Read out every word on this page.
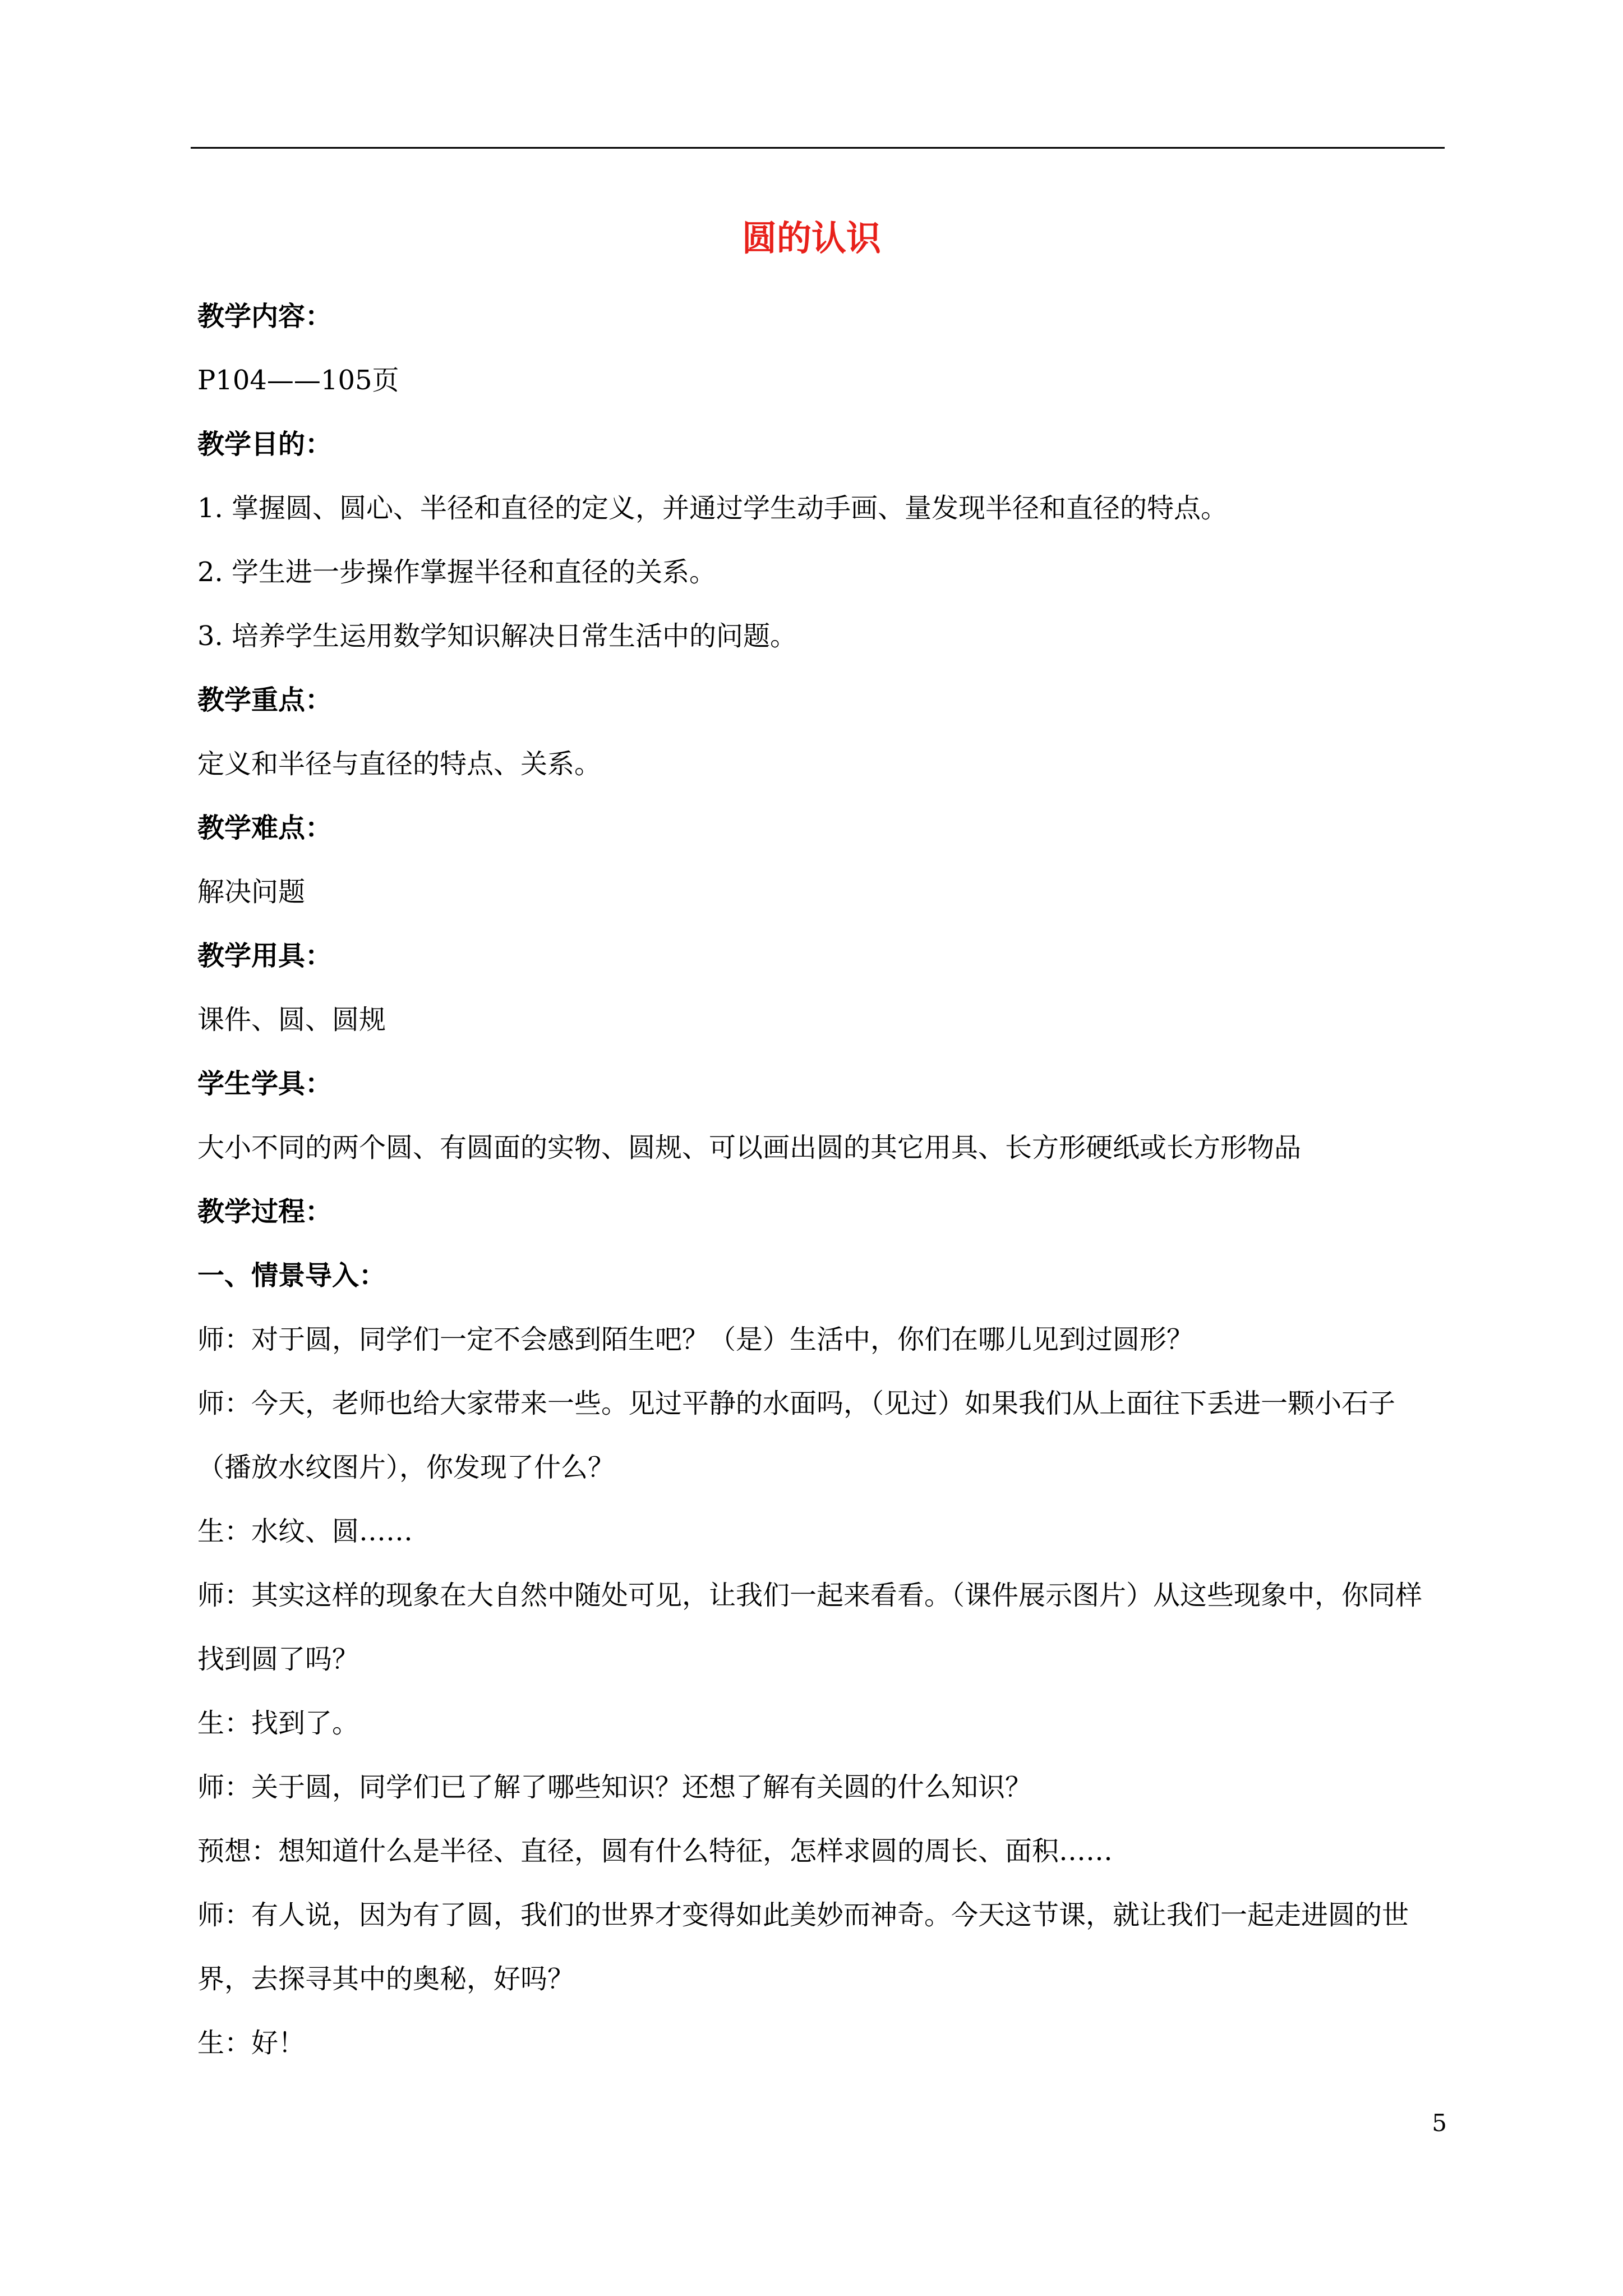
圆的认识
教学内容：
P104——105页
教学目的：
1. 掌握圆、圆心、半径和直径的定义，并通过学生动手画、量发现半径和直径的特点。
2. 学生进一步操作掌握半径和直径的关系。
3. 培养学生运用数学知识解决日常生活中的问题。
教学重点：
定义和半径与直径的特点、关系。
教学难点：
解决问题
教学用具：
课件、圆、圆规
学生学具：
大小不同的两个圆、有圆面的实物、圆规、可以画出圆的其它用具、长方形硬纸或长方形物品
教学过程：
一、情景导入：
师：对于圆，同学们一定不会感到陌生吧？（是）生活中，你们在哪儿见到过圆形？
师：今天，老师也给大家带来一些。见过平静的水面吗，（见过）如果我们从上面往下丢进一颗小石子（播放水纹图片），你发现了什么？
生：水纹、圆……
师：其实这样的现象在大自然中随处可见，让我们一起来看看。（课件展示图片）从这些现象中，你同样找到圆了吗？
生：找到了。
师：关于圆，同学们已了解了哪些知识？还想了解有关圆的什么知识？
预想：想知道什么是半径、直径，圆有什么特征，怎样求圆的周长、面积……
师：有人说，因为有了圆，我们的世界才变得如此美妙而神奇。今天这节课，就让我们一起走进圆的世界，去探寻其中的奥秘，好吗？
生：好！
5
